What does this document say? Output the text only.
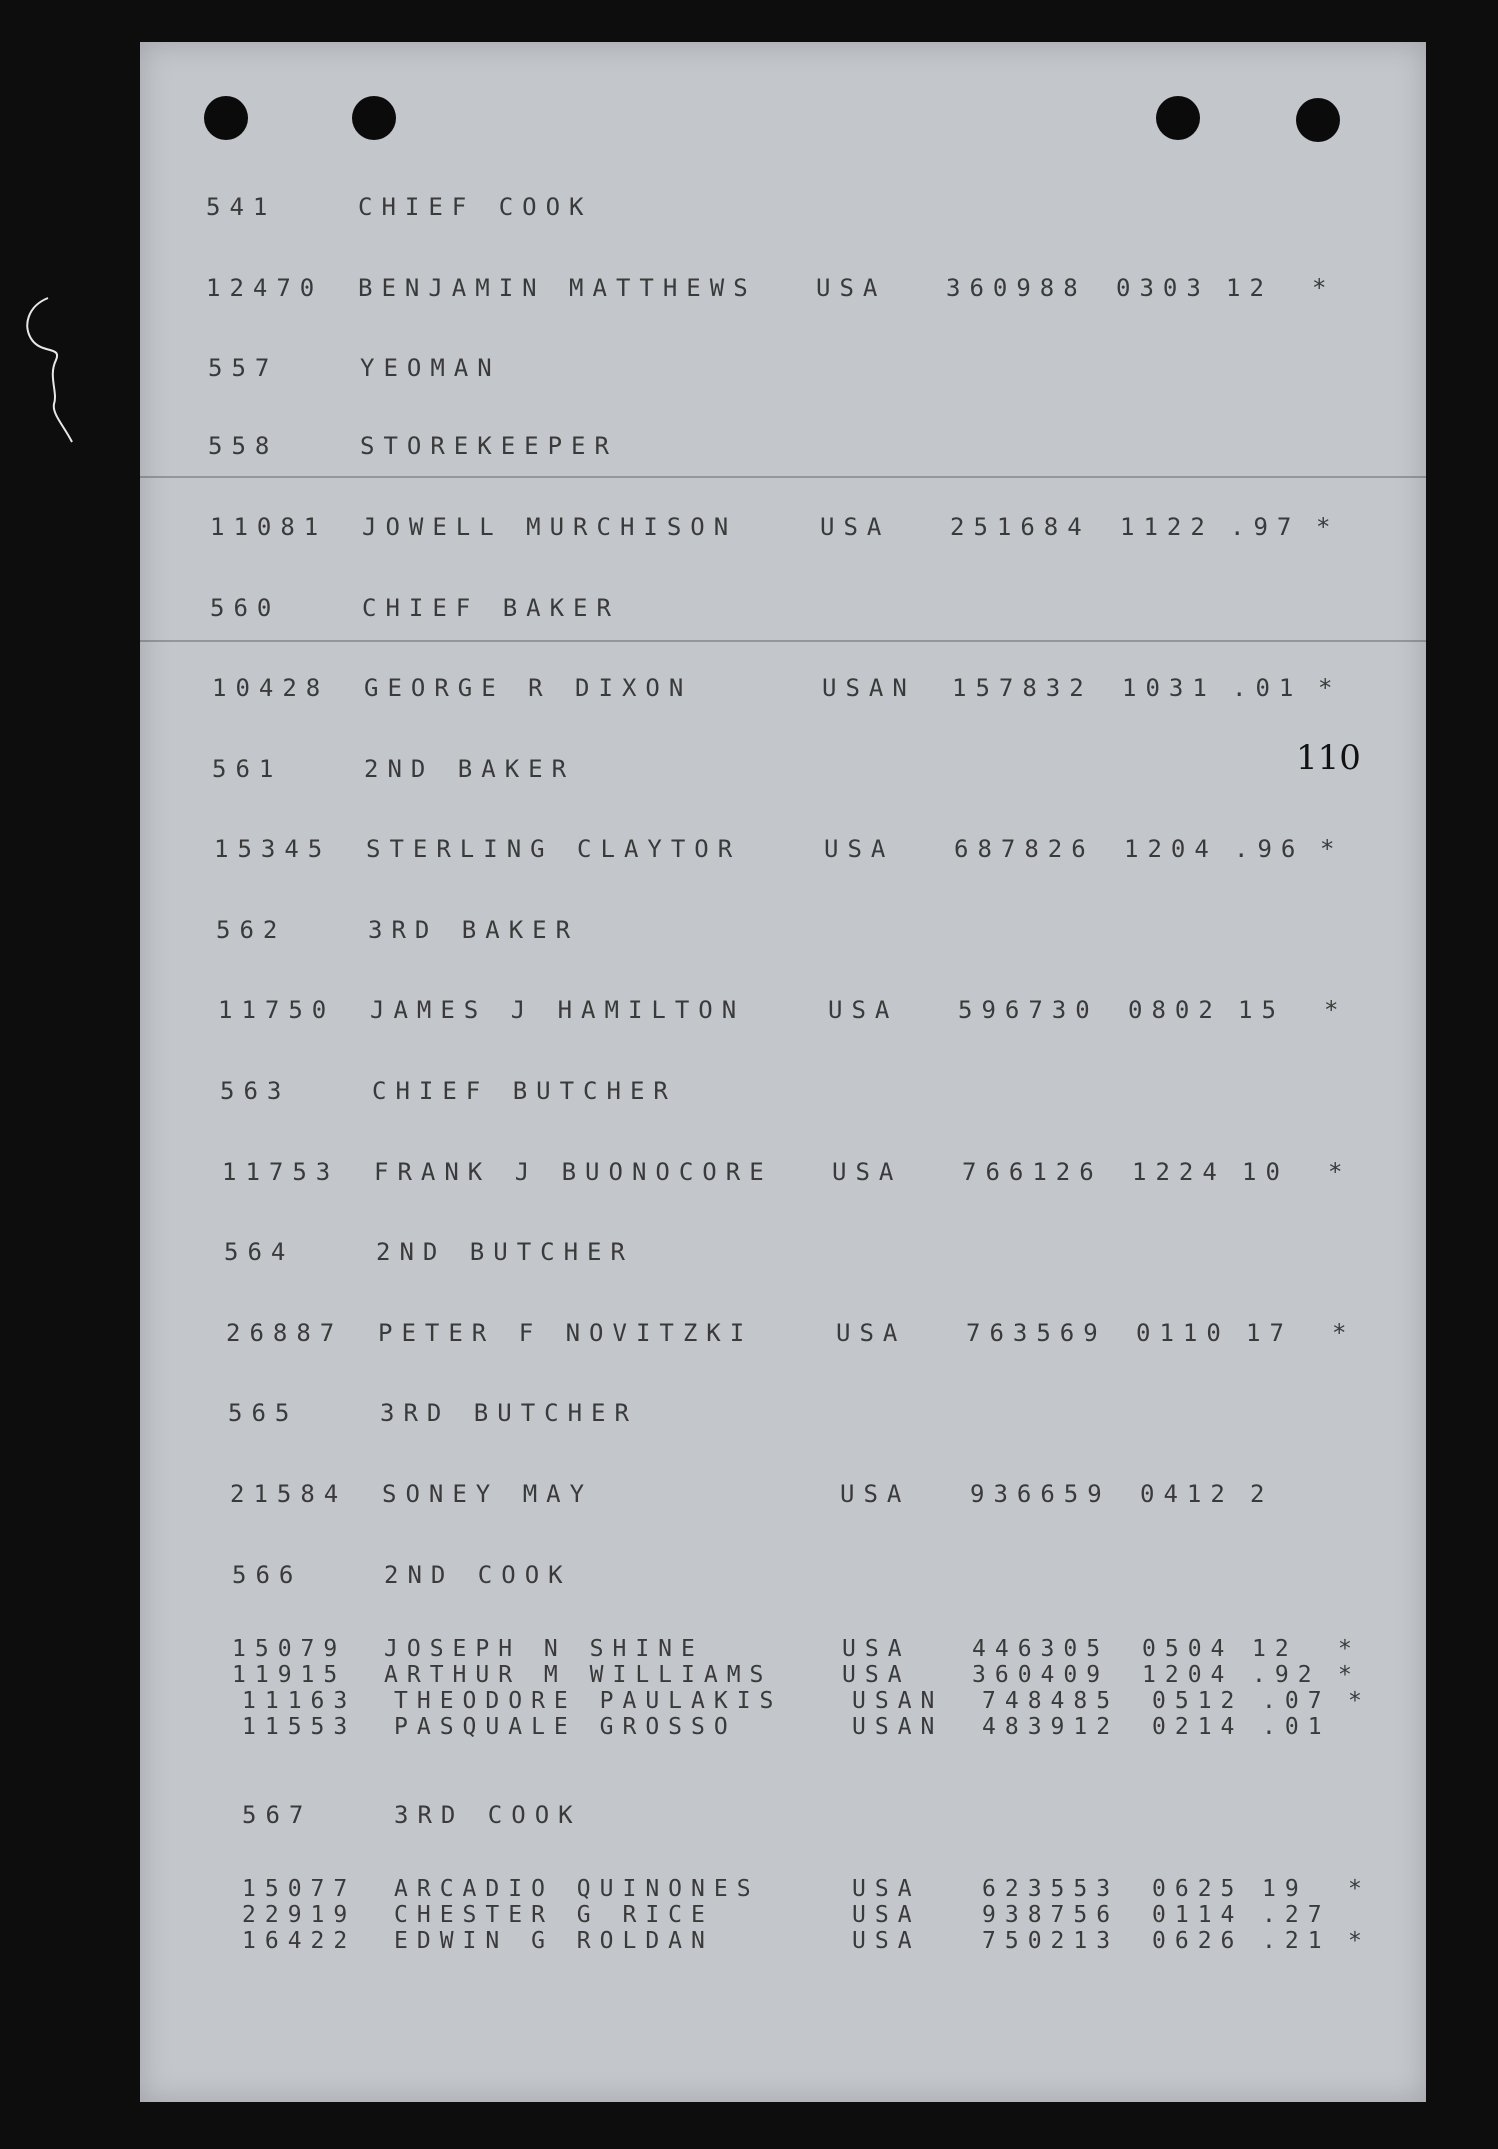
110
541	CHIEF COOK
12470 BENJAMIN MATTHEWS USA 360988 0303 12 *
557	YEOMAN
558	STOREKEEPER
11081 JOWELL MURCHISON	USA 251684 1122 .97 *
560	CHIEF BAKER
10428 GEORGE R DIXON	USAN 157832 1031 .01 *
561	2ND BAKER
15345 STERLING CLAYTOR	USA 687826 1204 .96 *
562	3RD BAKER
11750 JAMES J HAMILTON	USA 596730 0802 15 *
563	CHIEF BUTCHER
11753 FRANK J BUONOCORE USA 766126 1224 10 *
564	2ND BUTCHER
26887 PETER F NOVITZKI	USA 763569 0110 17 *
565	3RD BUTCHER
21584 SONEY MAY	USA 936659 0412 2
566	2ND COOK
15079 JOSEPH N SHINE	USA	446305 0504 12 *
11915 ARTHUR M WILLIAMS	USA	360409 1204 .92 *
11163 THEODORE PAULAKIS	USAN 748485 0512 .07 *
11553 PASQUALE GROSSO	USAN 483912 0214 .01
567	3RD COOK
15077 ARCADIO QUINONES	USA	623553 0625 19 *
22919 CHESTER G RICE	USA	938756 0114 .27
16422 EDWIN G ROLDAN	USA	750213 0626 .21 *
